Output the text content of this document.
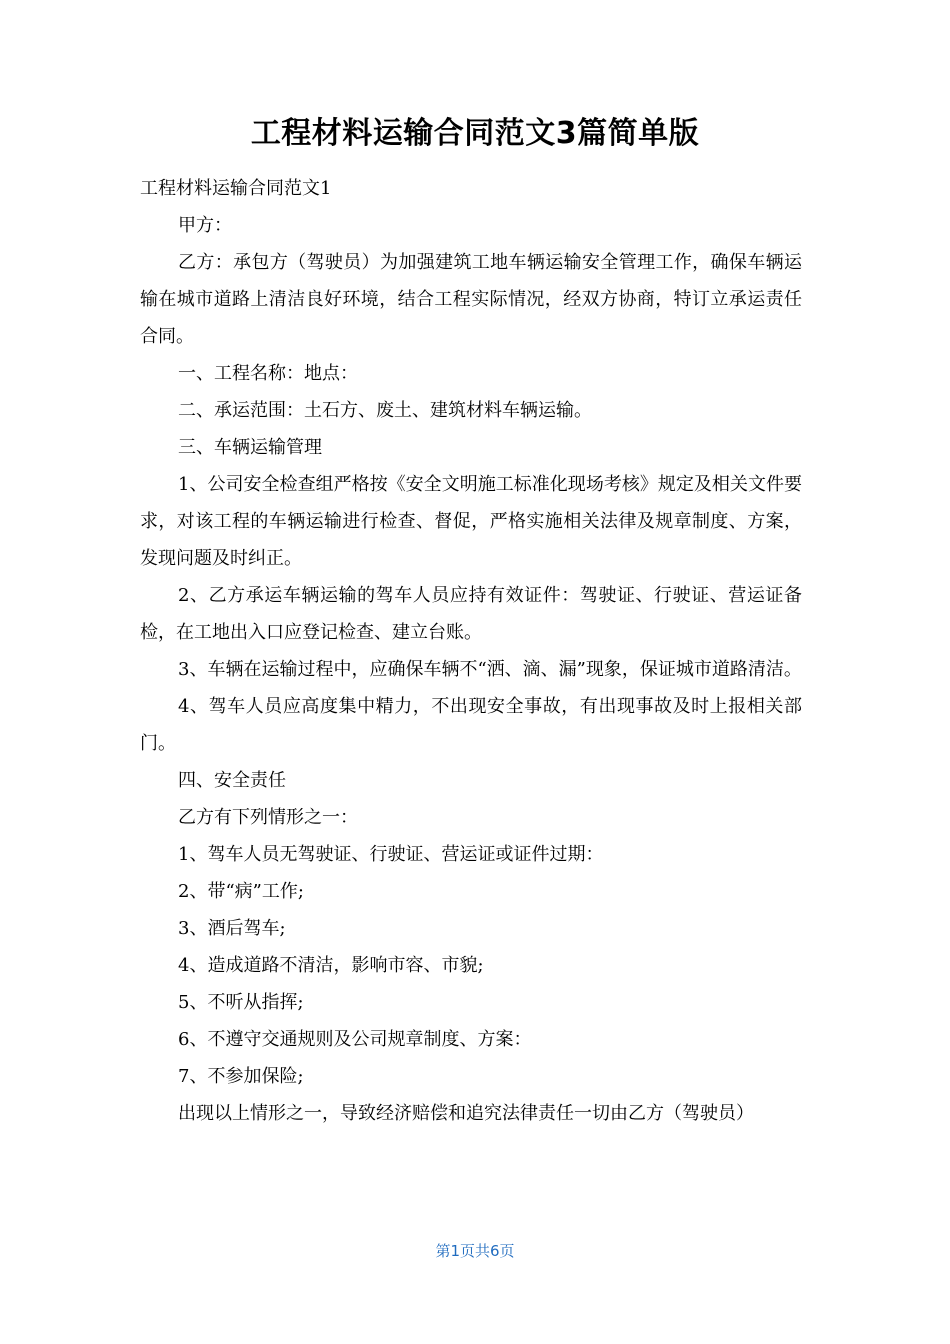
工程材料运输合同范文3篇简单版

工程材料运输合同范文1

甲方：

乙方：承包方（驾驶员）为加强建筑工地车辆运输安全管理工作，确保车辆运输在城市道路上清洁良好环境，结合工程实际情况，经双方协商，特订立承运责任合同。

一、工程名称：地点：

二、承运范围：土石方、废土、建筑材料车辆运输。

三、车辆运输管理

1、公司安全检查组严格按《安全文明施工标准化现场考核》规定及相关文件要求，对该工程的车辆运输进行检查、督促，严格实施相关法律及规章制度、方案，发现问题及时纠正。

2、乙方承运车辆运输的驾车人员应持有效证件：驾驶证、行驶证、营运证备检，在工地出入口应登记检查、建立台账。

3、车辆在运输过程中，应确保车辆不“洒、滴、漏”现象，保证城市道路清洁。

4、驾车人员应高度集中精力，不出现安全事故，有出现事故及时上报相关部门。

四、安全责任

乙方有下列情形之一：

1、驾车人员无驾驶证、行驶证、营运证或证件过期：

2、带“病”工作;

3、酒后驾车;

4、造成道路不清洁，影响市容、市貌;

5、不听从指挥;

6、不遵守交通规则及公司规章制度、方案：

7、不参加保险;

出现以上情形之一，导致经济赔偿和追究法律责任一切由乙方（驾驶员）

第1页共6页
